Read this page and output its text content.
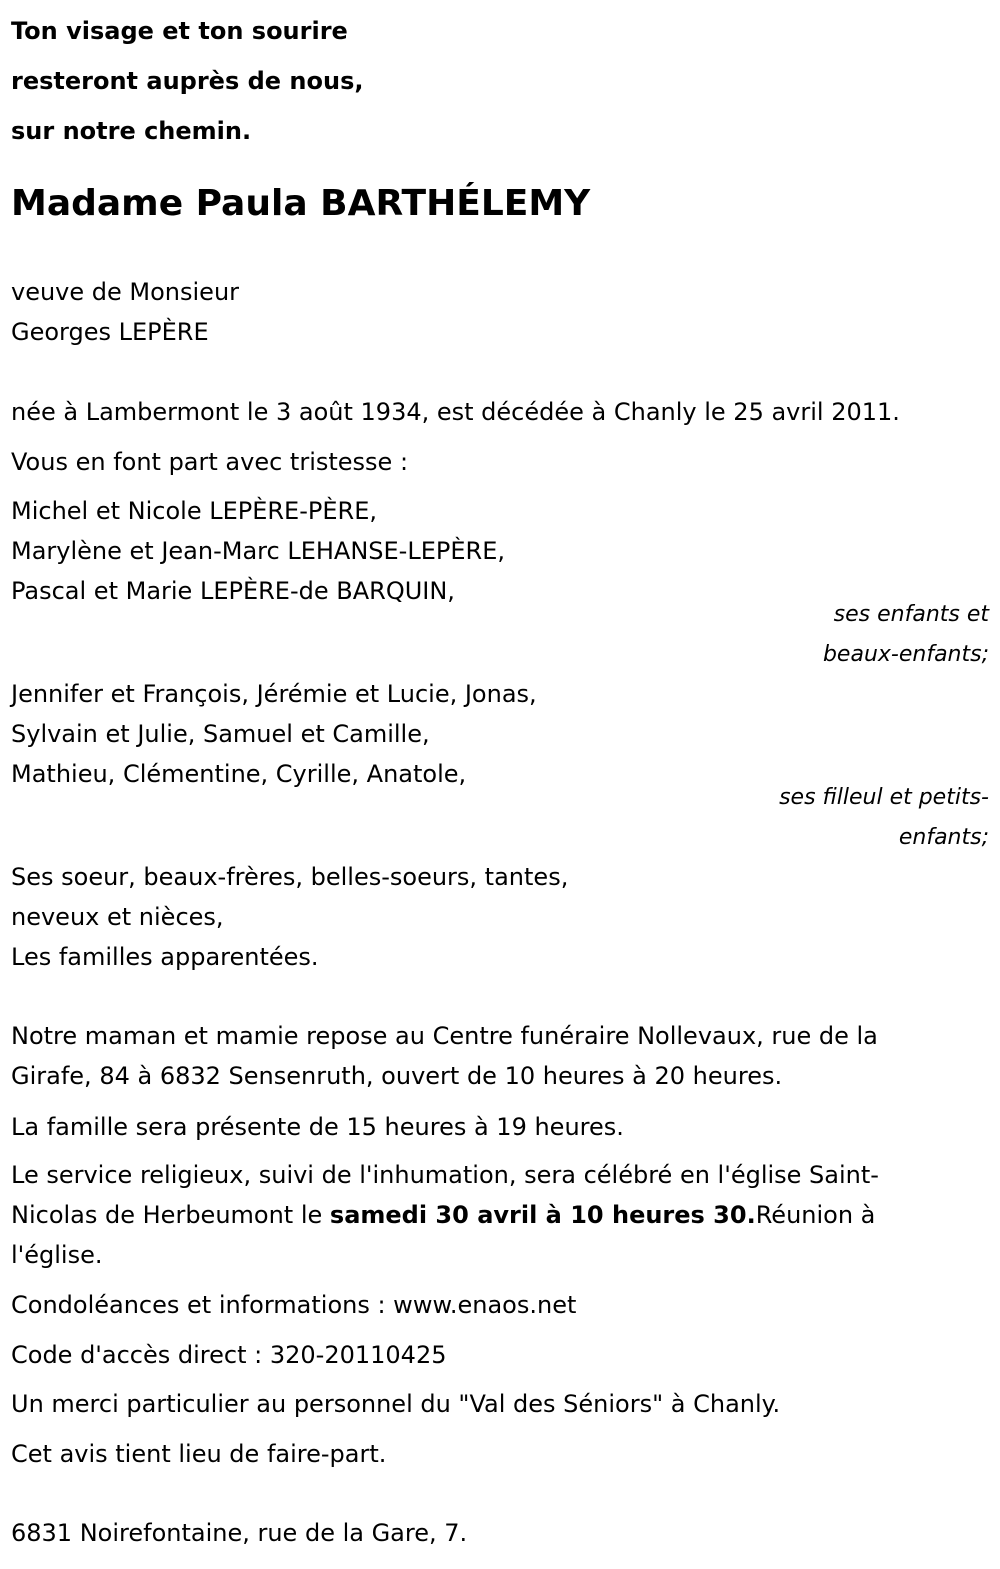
Ton visage et ton sourire
resteront auprès de nous,
sur notre chemin.

Madame Paula BARTHÉLEMY

veuve de Monsieur
Georges LEPÈRE

née à Lambermont le 3 août 1934, est décédée à Chanly le 25 avril 2011.

Vous en font part avec tristesse :

Michel et Nicole LEPÈRE-PÈRE,
Marylène et Jean-Marc LEHANSE-LEPÈRE,
Pascal et Marie LEPÈRE-de BARQUIN,

ses enfants et
beaux-enfants;

Jennifer et François, Jérémie et Lucie, Jonas,
Sylvain et Julie, Samuel et Camille,
Mathieu, Clémentine, Cyrille, Anatole,

ses filleul et petits-
enfants;

Ses soeur, beaux-frères, belles-soeurs, tantes,
neveux et nièces,
Les familles apparentées.

Notre maman et mamie repose au Centre funéraire Nollevaux, rue de la
Girafe, 84 à 6832 Sensenruth, ouvert de 10 heures à 20 heures.

La famille sera présente de 15 heures à 19 heures.

Le service religieux, suivi de l'inhumation, sera célébré en l'église Saint-
Nicolas de Herbeumont le samedi 30 avril à 10 heures 30.Réunion à
l'église.

Condoléances et informations : www.enaos.net

Code d'accès direct : 320-20110425

Un merci particulier au personnel du "Val des Séniors" à Chanly.

Cet avis tient lieu de faire-part.

6831 Noirefontaine, rue de la Gare, 7.
